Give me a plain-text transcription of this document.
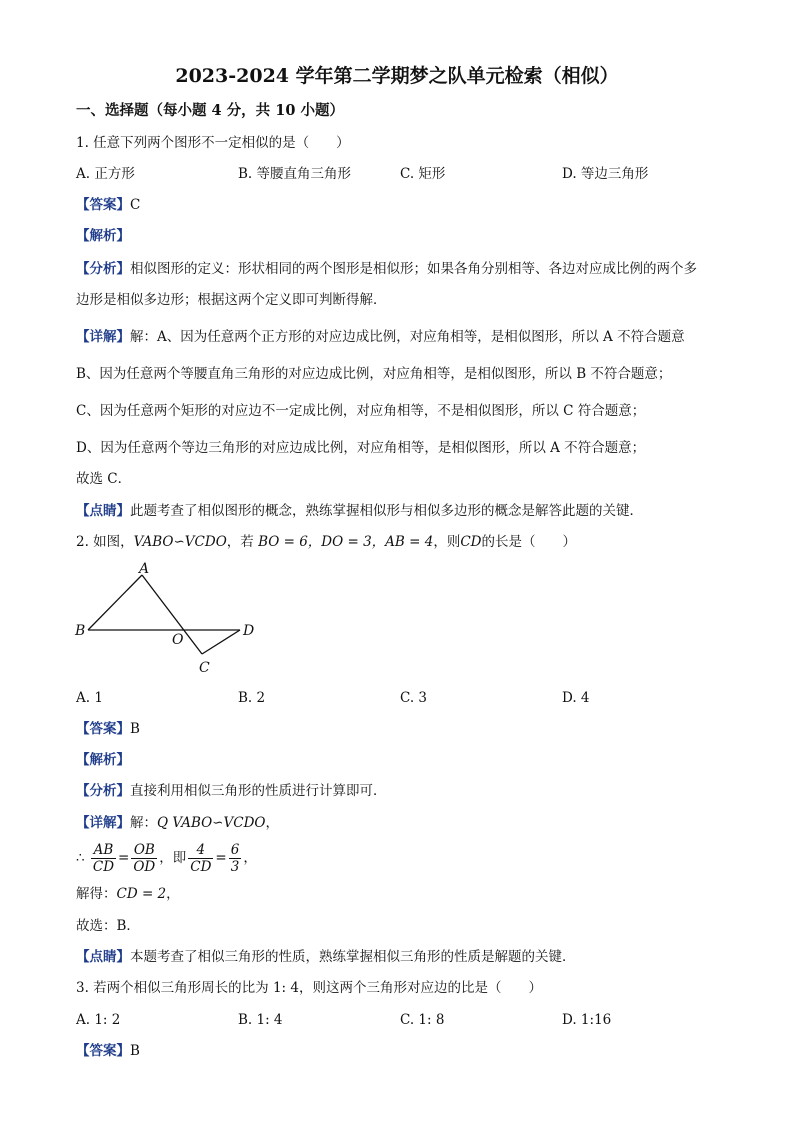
2023-2024 学年第二学期梦之队单元检索（相似）
一、选择题（每小题 4 分，共 10 小题）
1. 任意下列两个图形不一定相似的是（　　）
A. 正方形	B. 等腰直角三角形	C. 矩形	D. 等边三角形
【答案】C
【解析】
【分析】相似图形的定义：形状相同的两个图形是相似形；如果各角分别相等、各边对应成比例的两个多
边形是相似多边形；根据这两个定义即可判断得解．
【详解】解：A、因为任意两个正方形的对应边成比例，对应角相等，是相似图形，所以 A 不符合题意
B、因为任意两个等腰直角三角形的对应边成比例，对应角相等，是相似图形，所以 B 不符合题意；
C、因为任意两个矩形的对应边不一定成比例，对应角相等，不是相似图形，所以 C 符合题意；
D、因为任意两个等边三角形的对应边成比例，对应角相等，是相似图形，所以 A 不符合题意；
故选 C．
【点睛】此题考查了相似图形的概念，熟练掌握相似形与相似多边形的概念是解答此题的关键．
2. 如图，VABO∽VCDO，若 BO = 6，DO = 3，AB = 4，则CD的长是（　　）
A
B
O
C
D
A. 1	B. 2	C. 3	D. 4
【答案】B
【解析】
【分析】直接利用相似三角形的性质进行计算即可．
【详解】解：Q VABO∽VCDO，
∴ $\frac{AB}{CD} = \frac{OB}{OD}$ ，即 $\frac{4}{CD} = \frac{6}{3}$ ，
解得：CD = 2，
故选：B．
【点睛】本题考查了相似三角形的性质，熟练掌握相似三角形的性质是解题的关键．
3. 若两个相似三角形周长的比为 1: 4，则这两个三角形对应边的比是（　　）
A. 1: 2	B. 1: 4	C. 1: 8	D. 1:16
【答案】B
